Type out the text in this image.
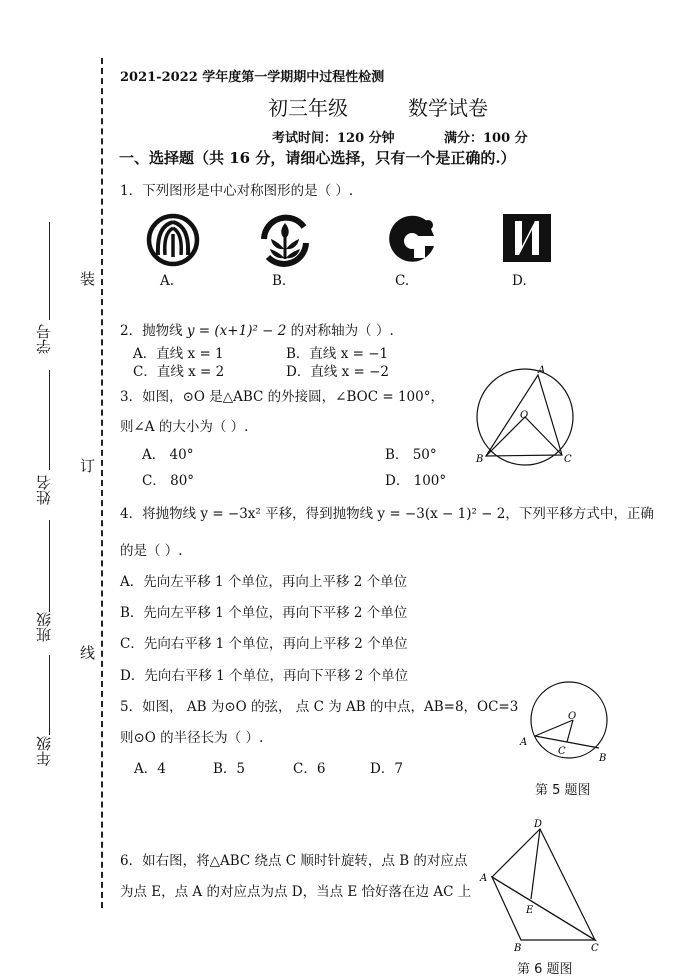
装
订
线
学号
姓名
班级
年级
2021-2022 学年度第一学期期中过程性检测
初三年级	数学试卷
考试时间：120 分钟	满分：100 分
一、选择题（共 16 分，请细心选择，只有一个是正确的.）
1．下列图形是中心对称图形的是（ ）.
A.	B.	C.	D.
2．抛物线 y = (x+1)² − 2 的对称轴为（ ）.
A．直线 x = 1	B．直线 x = −1
C．直线 x = 2	D．直线 x = −2
3．如图，⊙O 是△ABC 的外接圆，∠BOC = 100°，
则∠A 的大小为（ ）.
A． 40°	B． 50°
C． 80°	D． 100°
A
O
B	C
4．将抛物线 y = −3x² 平移，得到抛物线 y = −3(x − 1)² − 2，下列平移方式中，正确
的是（ ）.
A．先向左平移 1 个单位，再向上平移 2 个单位
B．先向左平移 1 个单位，再向下平移 2 个单位
C．先向右平移 1 个单位，再向上平移 2 个单位
D．先向右平移 1 个单位，再向下平移 2 个单位
5．如图， AB 为⊙O 的弦， 点 C 为 AB 的中点，AB=8，OC=3
则⊙O 的半径长为（ ）.
A．4	B．5	C．6	D．7
O
A
C
B
第 5 题图
6．如右图，将△ABC 绕点 C 顺时针旋转，点 B 的对应点
为点 E，点 A 的对应点为点 D，当点 E 恰好落在边 AC 上
D
A
E
B	C
第 6 题图
